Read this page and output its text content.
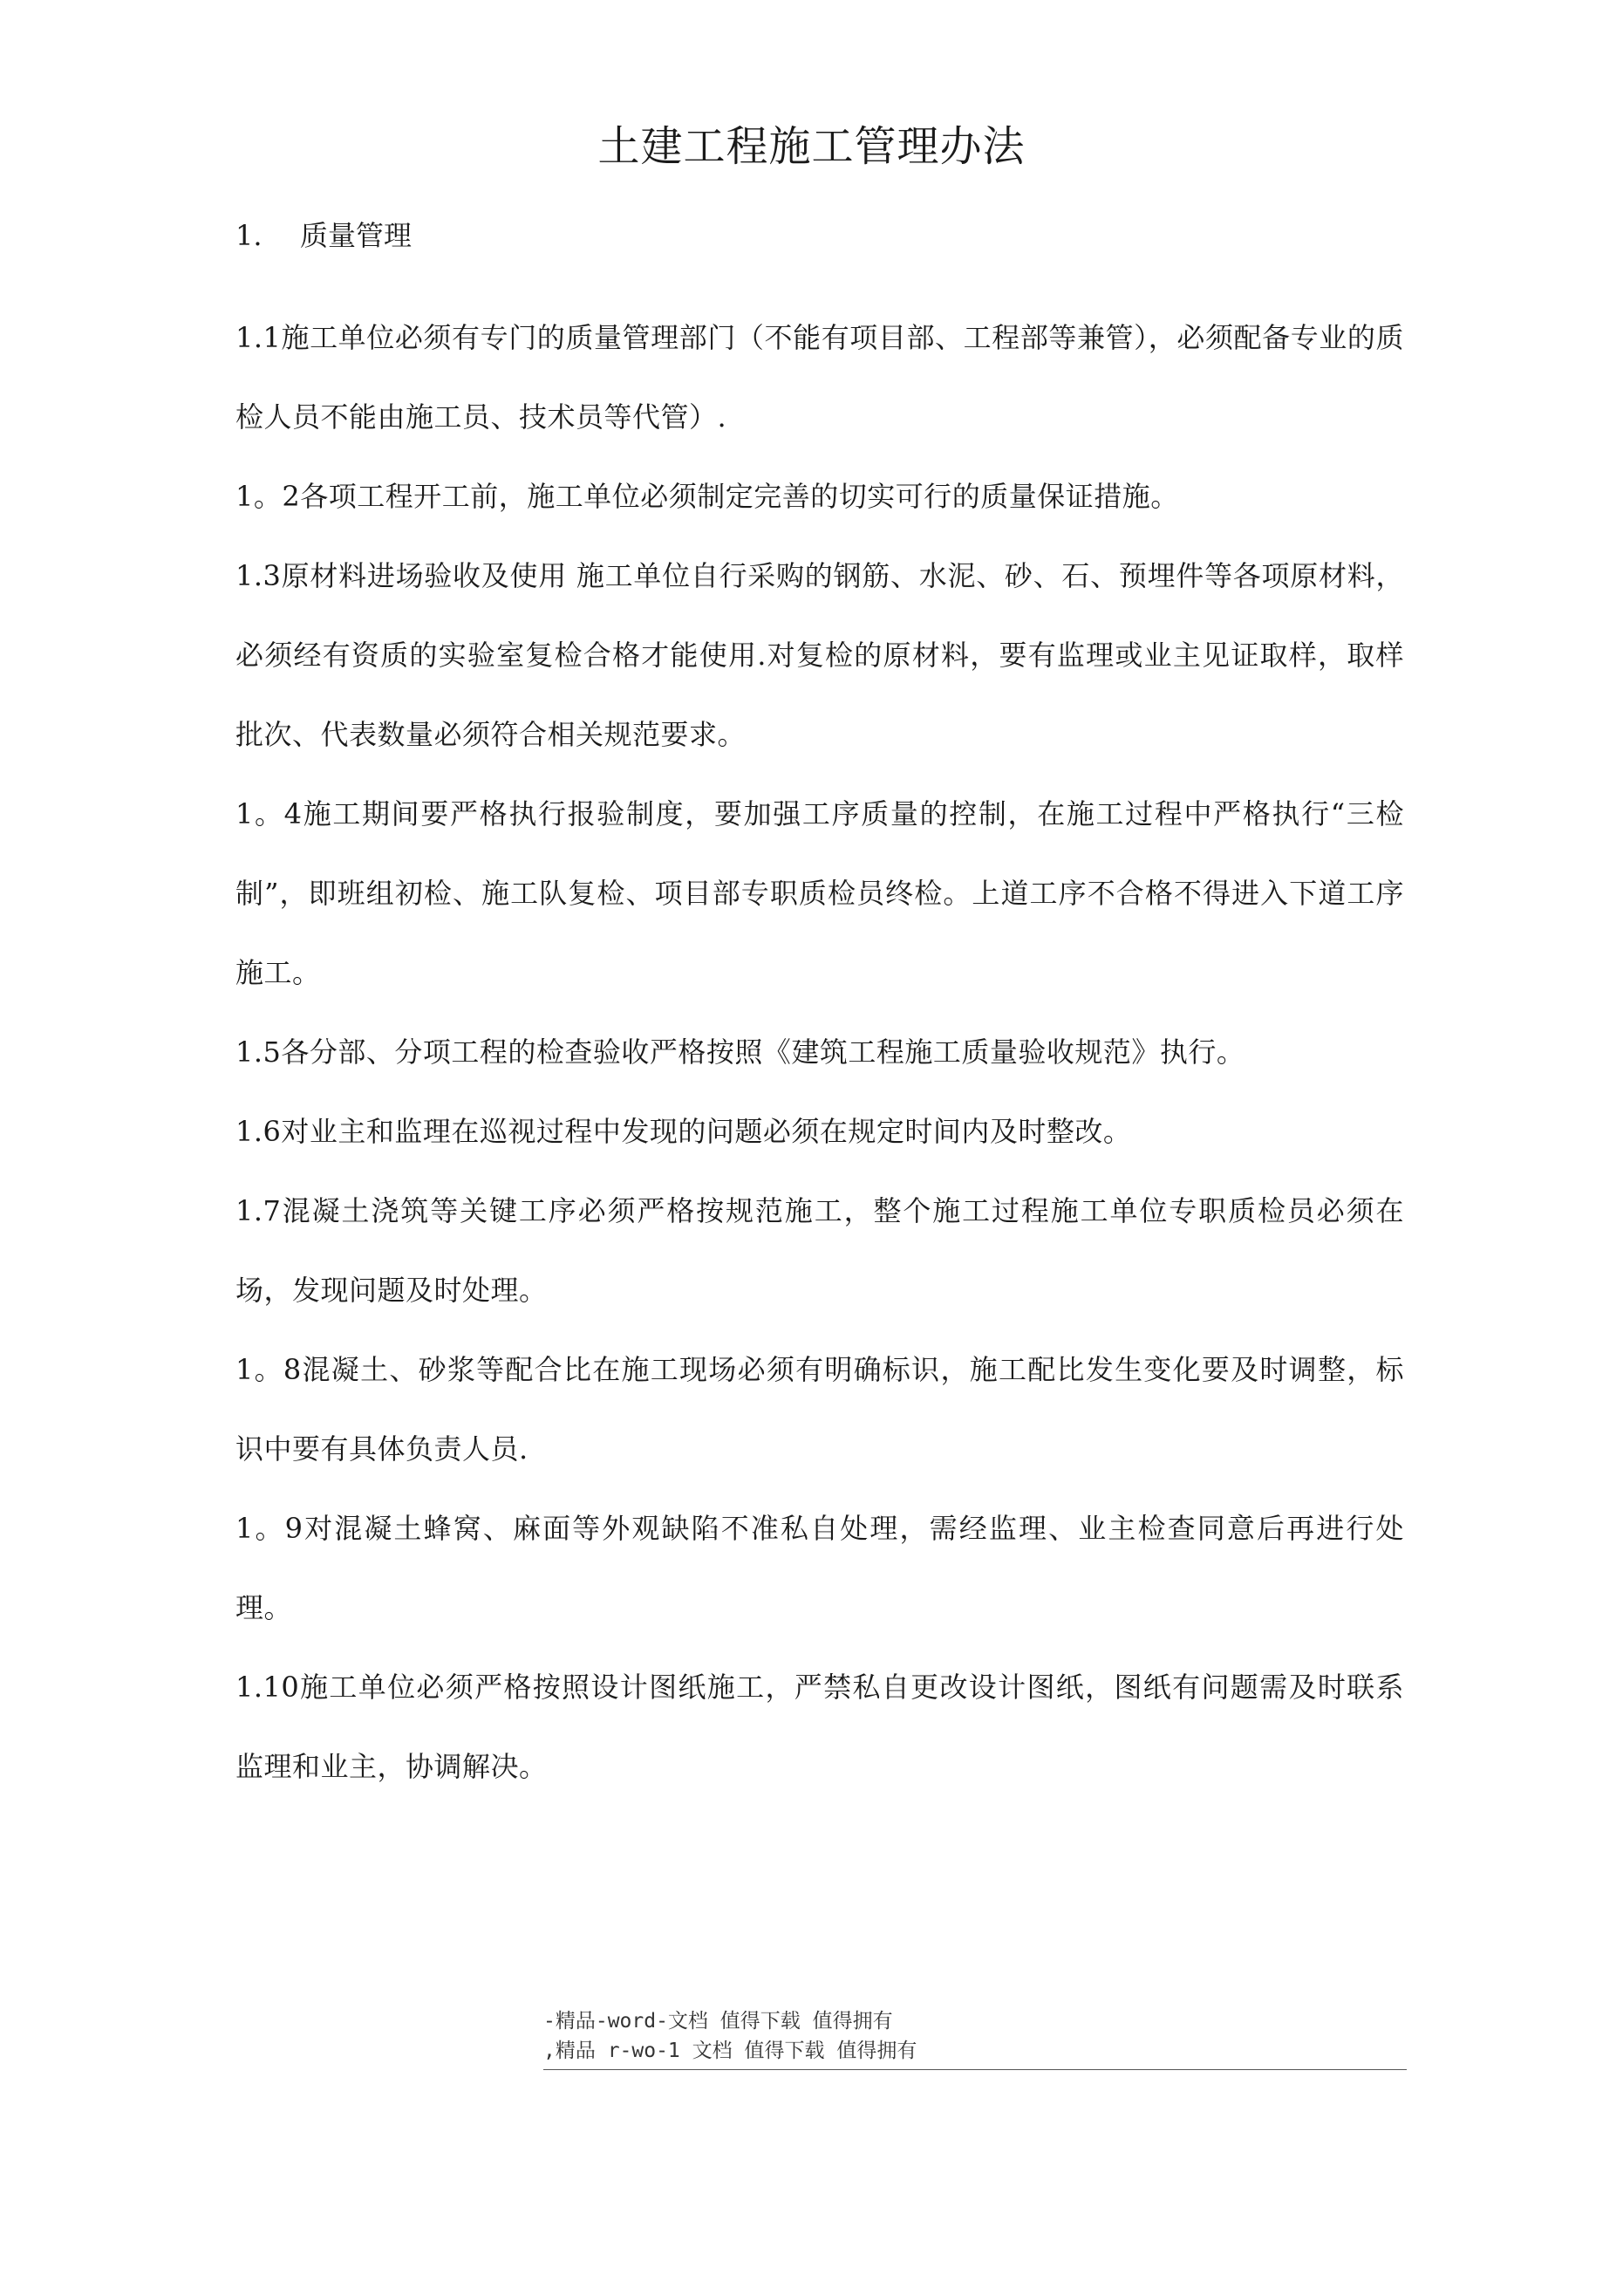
土建工程施工管理办法

1. 质量管理

1.1施工单位必须有专门的质量管理部门（不能有项目部、工程部等兼管），必须配备专业的质检人员不能由施工员、技术员等代管）.

1。2各项工程开工前，施工单位必须制定完善的切实可行的质量保证措施。

1.3原材料进场验收及使用 施工单位自行采购的钢筋、水泥、砂、石、预埋件等各项原材料，必须经有资质的实验室复检合格才能使用.对复检的原材料，要有监理或业主见证取样，取样批次、代表数量必须符合相关规范要求。

1。4施工期间要严格执行报验制度，要加强工序质量的控制，在施工过程中严格执行“三检制”，即班组初检、施工队复检、项目部专职质检员终检。上道工序不合格不得进入下道工序施工。

1.5各分部、分项工程的检查验收严格按照《建筑工程施工质量验收规范》执行。

1.6对业主和监理在巡视过程中发现的问题必须在规定时间内及时整改。

1.7混凝土浇筑等关键工序必须严格按规范施工，整个施工过程施工单位专职质检员必须在场，发现问题及时处理。

1。8混凝土、砂浆等配合比在施工现场必须有明确标识，施工配比发生变化要及时调整，标识中要有具体负责人员.

1。9对混凝土蜂窝、麻面等外观缺陷不准私自处理，需经监理、业主检查同意后再进行处理。

1.10施工单位必须严格按照设计图纸施工，严禁私自更改设计图纸，图纸有问题需及时联系监理和业主，协调解决。

-精品-word-文档 值得下载 值得拥有
,精品 r-wo-1 文档 值得下载 值得拥有
